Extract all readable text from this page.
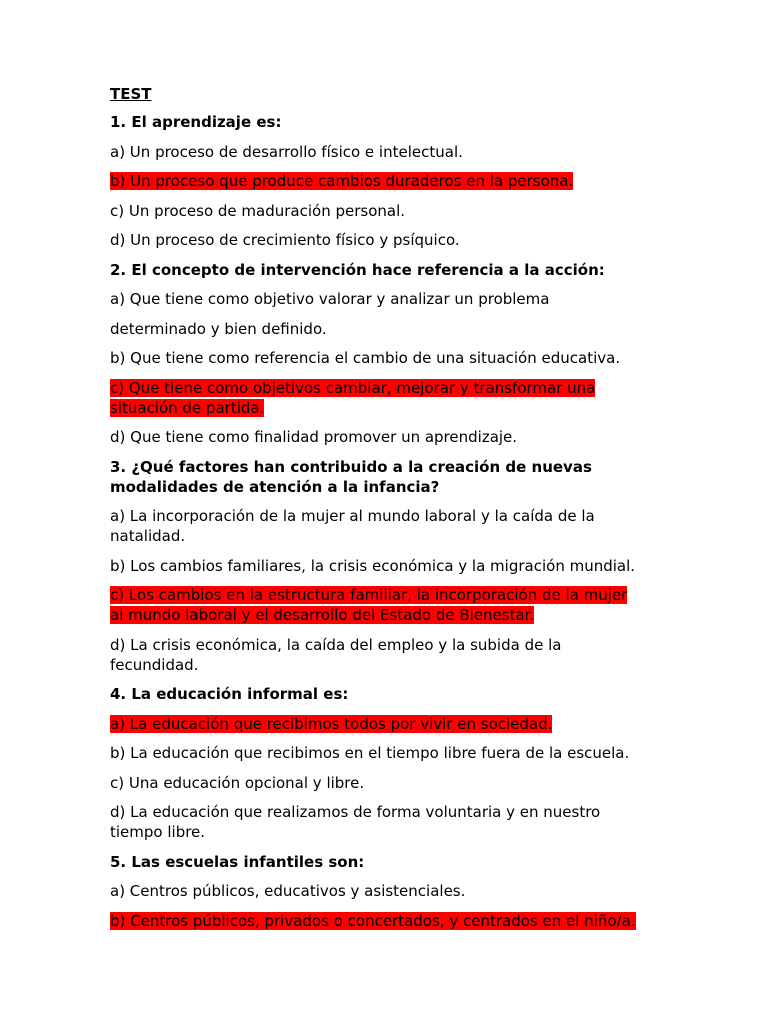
TEST
1. El aprendizaje es:
a) Un proceso de desarrollo físico e intelectual.
b) Un proceso que produce cambios duraderos en la persona.
c) Un proceso de maduración personal.
d) Un proceso de crecimiento físico y psíquico.
2. El concepto de intervención hace referencia a la acción:
a) Que tiene como objetivo valorar y analizar un problema
determinado y bien definido.
b) Que tiene como referencia el cambio de una situación educativa.
c) Que tiene como objetivos cambiar, mejorar y transformar una
situación de partida.
d) Que tiene como finalidad promover un aprendizaje.
3. ¿Qué factores han contribuido a la creación de nuevas
modalidades de atención a la infancia?
a) La incorporación de la mujer al mundo laboral y la caída de la
natalidad.
b) Los cambios familiares, la crisis económica y la migración mundial.
c) Los cambios en la estructura familiar, la incorporación de la mujer
al mundo laboral y el desarrollo del Estado de Bienestar.
d) La crisis económica, la caída del empleo y la subida de la
fecundidad.
4. La educación informal es:
a) La educación que recibimos todos por vivir en sociedad.
b) La educación que recibimos en el tiempo libre fuera de la escuela.
c) Una educación opcional y libre.
d) La educación que realizamos de forma voluntaria y en nuestro
tiempo libre.
5. Las escuelas infantiles son:
a) Centros públicos, educativos y asistenciales.
b) Centros públicos, privados o concertados, y centrados en el niño/a.
